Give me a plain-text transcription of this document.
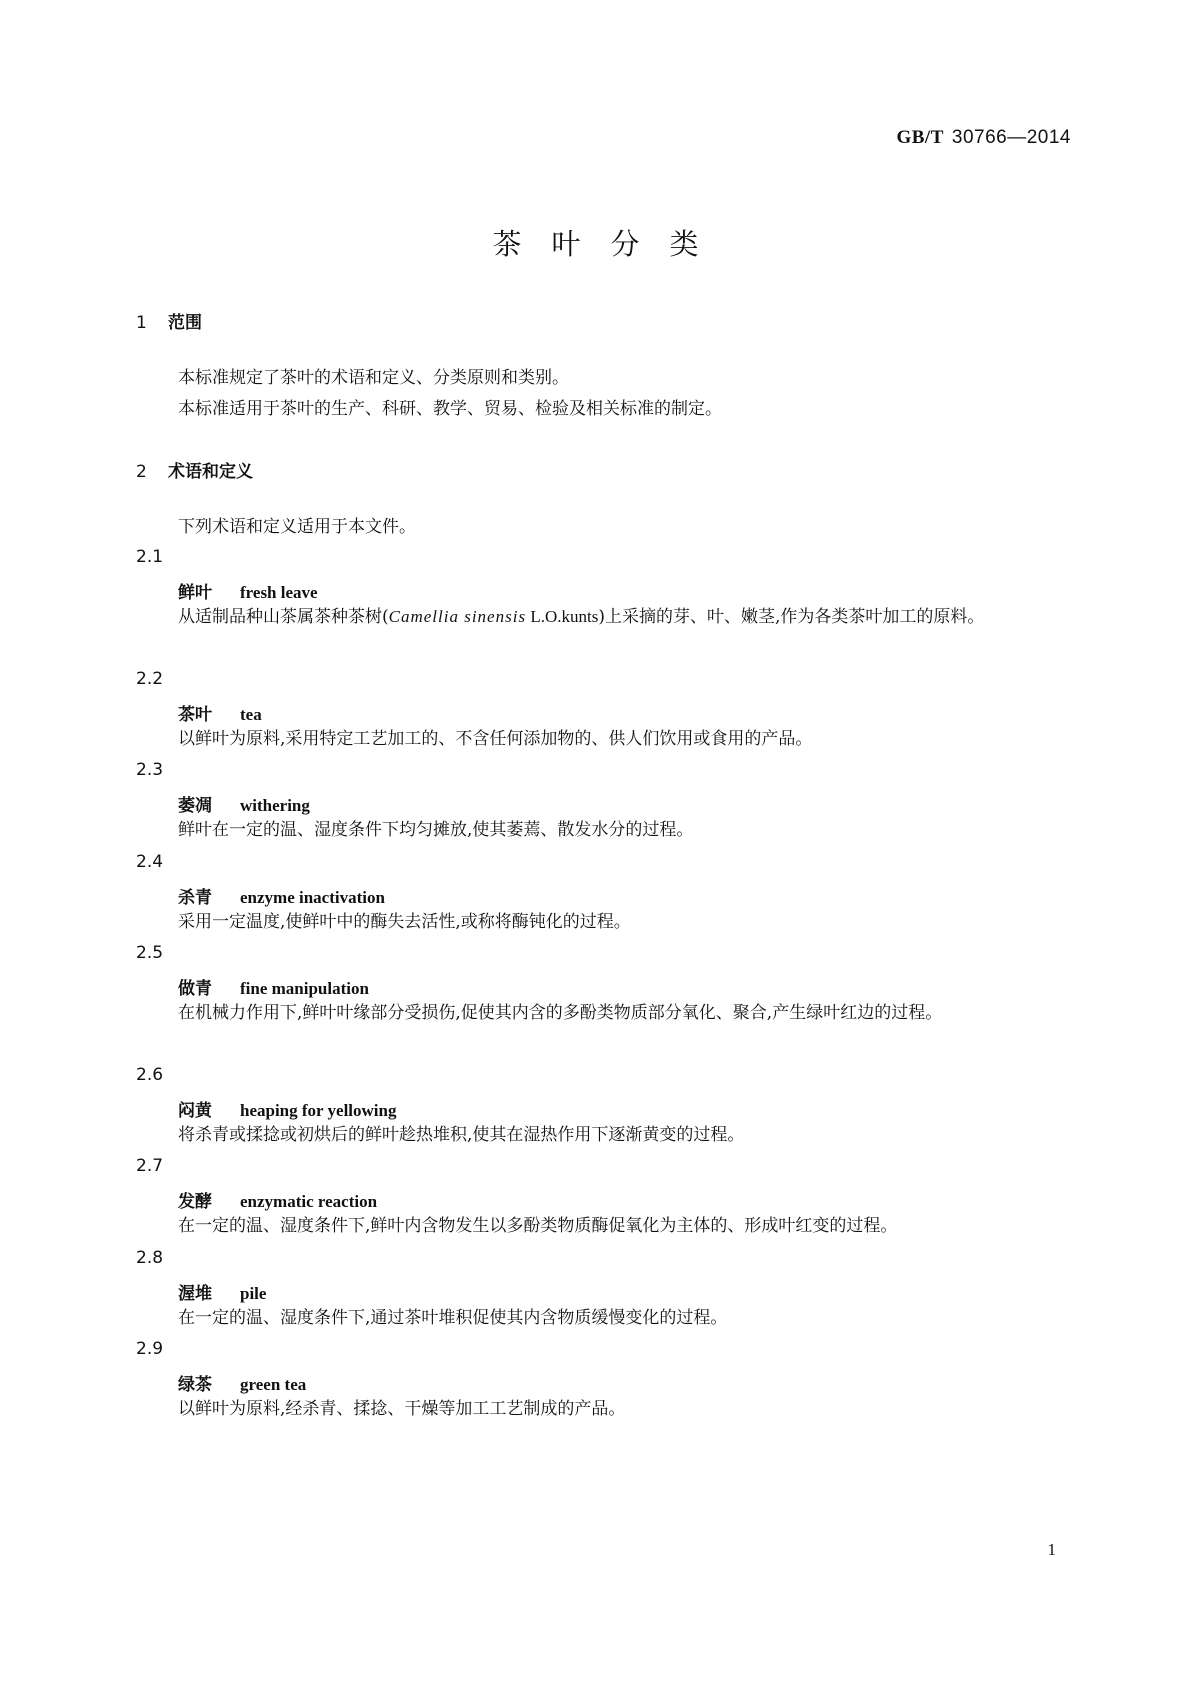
GB/T 30766—2014
茶叶分类
1 范围

本标准规定了茶叶的术语和定义、分类原则和类别。

本标准适用于茶叶的生产、科研、教学、贸易、检验及相关标准的制定。

2 术语和定义

下列术语和定义适用于本文件。

2.1
鲜叶 fresh leave

从适制品种山茶属茶种茶树(Camellia sinensis L.O.kunts)上采摘的芽、叶、嫩茎,作为各类茶叶加工的原料。

2.2
茶叶 tea

以鲜叶为原料,采用特定工艺加工的、不含任何添加物的、供人们饮用或食用的产品。

2.3
萎凋 withering

鲜叶在一定的温、湿度条件下均匀摊放,使其萎蔫、散发水分的过程。

2.4
杀青 enzyme inactivation

采用一定温度,使鲜叶中的酶失去活性,或称将酶钝化的过程。

2.5
做青 fine manipulation

在机械力作用下,鲜叶叶缘部分受损伤,促使其内含的多酚类物质部分氧化、聚合,产生绿叶红边的过程。

2.6
闷黄 heaping for yellowing

将杀青或揉捻或初烘后的鲜叶趁热堆积,使其在湿热作用下逐渐黄变的过程。

2.7
发酵 enzymatic reaction

在一定的温、湿度条件下,鲜叶内含物发生以多酚类物质酶促氧化为主体的、形成叶红变的过程。

2.8
渥堆 pile

在一定的温、湿度条件下,通过茶叶堆积促使其内含物质缓慢变化的过程。

2.9
绿茶 green tea

以鲜叶为原料,经杀青、揉捻、干燥等加工工艺制成的产品。

1
